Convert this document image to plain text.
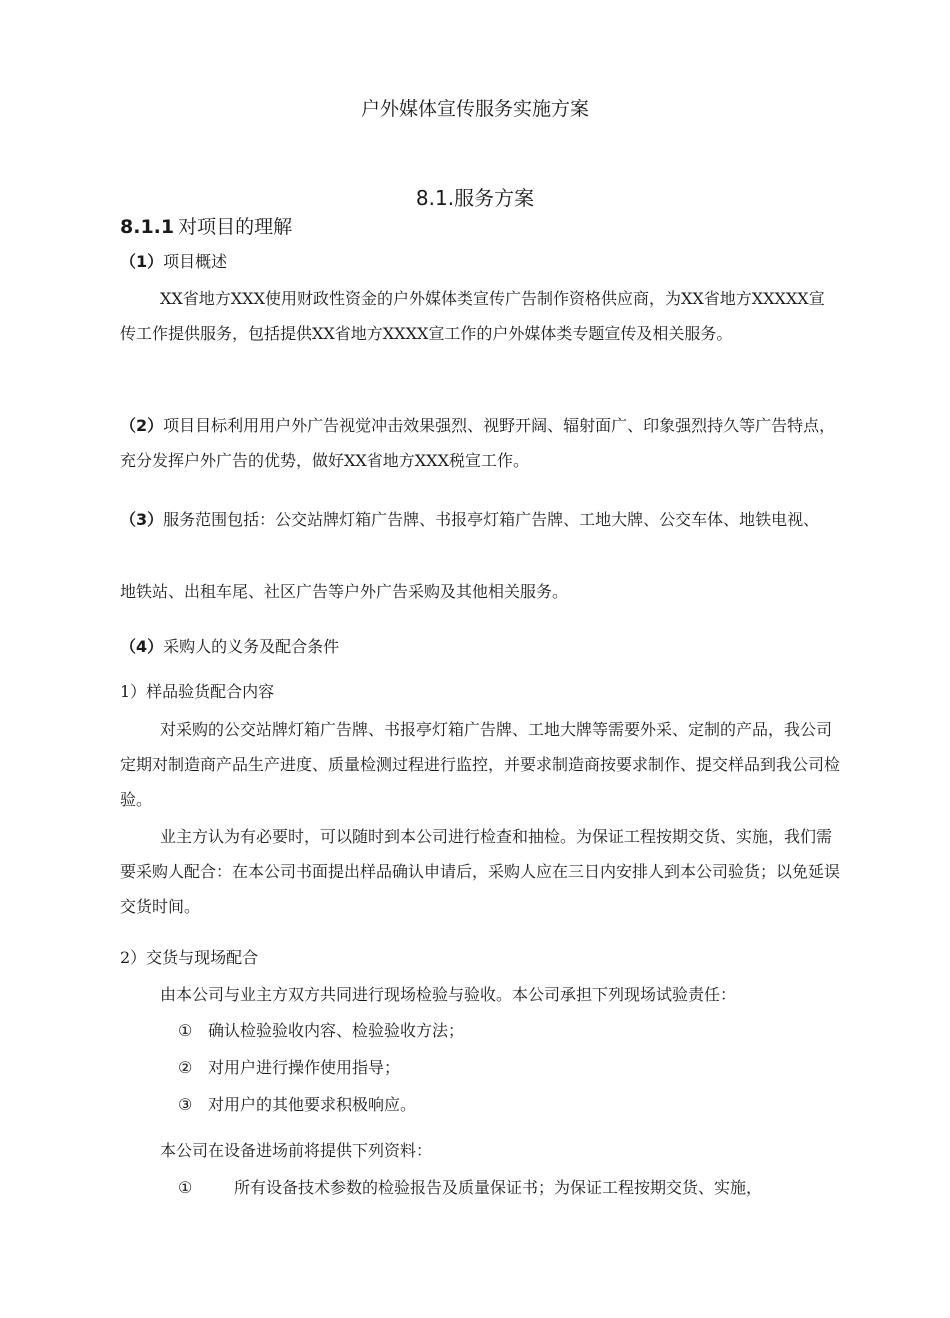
户外媒体宣传服务实施方案
8.1.服务方案
8.1.1 对项目的理解
（1）项目概述
XX省地方XXX使用财政性资金的户外媒体类宣传广告制作资格供应商，为XX省地方XXXXX宣传工作提供服务，包括提供XX省地方XXXX宣工作的户外媒体类专题宣传及相关服务。
（2）项目目标利用用户外广告视觉冲击效果强烈、视野开阔、辐射面广、印象强烈持久等广告特点，充分发挥户外广告的优势，做好XX省地方XXX税宣工作。
（3）服务范围包括：公交站牌灯箱广告牌、书报亭灯箱广告牌、工地大牌、公交车体、地铁电视、
地铁站、出租车尾、社区广告等户外广告采购及其他相关服务。
（4）采购人的义务及配合条件
1）样品验货配合内容
对采购的公交站牌灯箱广告牌、书报亭灯箱广告牌、工地大牌等需要外采、定制的产品，我公司定期对制造商产品生产进度、质量检测过程进行监控，并要求制造商按要求制作、提交样品到我公司检验。
业主方认为有必要时，可以随时到本公司进行检查和抽检。为保证工程按期交货、实施，我们需要采购人配合：在本公司书面提出样品确认申请后，采购人应在三日内安排人到本公司验货；以免延误交货时间。
2）交货与现场配合
由本公司与业主方双方共同进行现场检验与验收。本公司承担下列现场试验责任：
① 确认检验验收内容、检验验收方法；
② 对用户进行操作使用指导；
③ 对用户的其他要求积极响应。
本公司在设备进场前将提供下列资料：
①	所有设备技术参数的检验报告及质量保证书；为保证工程按期交货、实施，
